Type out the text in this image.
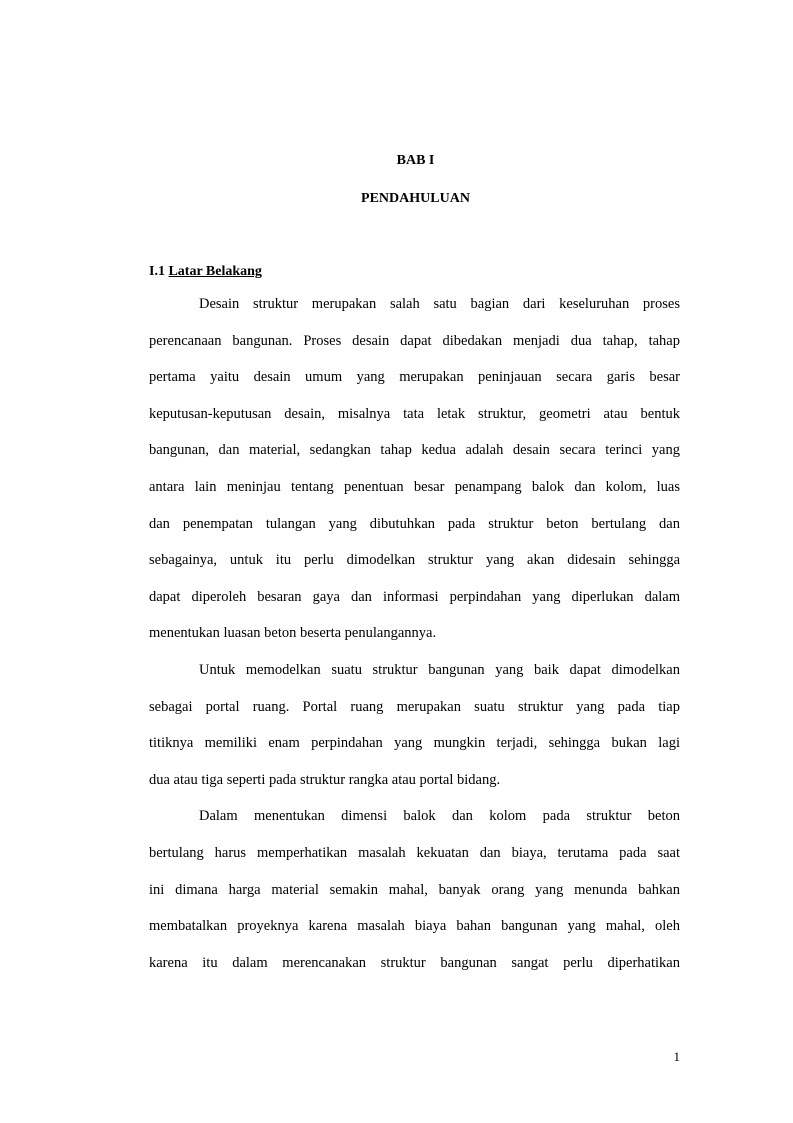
BAB I
PENDAHULUAN
I.1 Latar Belakang
Desain struktur merupakan salah satu bagian dari keseluruhan proses
perencanaan bangunan. Proses desain dapat dibedakan menjadi dua tahap, tahap
pertama yaitu desain umum yang merupakan peninjauan secara garis besar
keputusan-keputusan desain, misalnya tata letak struktur, geometri atau bentuk
bangunan, dan material, sedangkan tahap kedua adalah desain secara terinci yang
antara lain meninjau tentang penentuan besar penampang balok dan kolom, luas
dan penempatan tulangan yang dibutuhkan pada struktur beton bertulang dan
sebagainya, untuk itu perlu dimodelkan struktur yang akan didesain sehingga
dapat diperoleh besaran gaya dan informasi perpindahan yang diperlukan dalam
menentukan luasan beton beserta penulangannya.
Untuk memodelkan suatu struktur bangunan yang baik dapat dimodelkan
sebagai portal ruang. Portal ruang merupakan suatu struktur yang pada tiap
titiknya memiliki enam perpindahan yang mungkin terjadi, sehingga bukan lagi
dua atau tiga seperti pada struktur rangka atau portal bidang.
Dalam menentukan dimensi balok dan kolom pada struktur beton
bertulang harus memperhatikan masalah kekuatan dan biaya, terutama pada saat
ini dimana harga material semakin mahal, banyak orang yang menunda bahkan
membatalkan proyeknya karena masalah biaya bahan bangunan yang mahal, oleh
karena itu dalam merencanakan struktur bangunan sangat perlu diperhatikan
1
